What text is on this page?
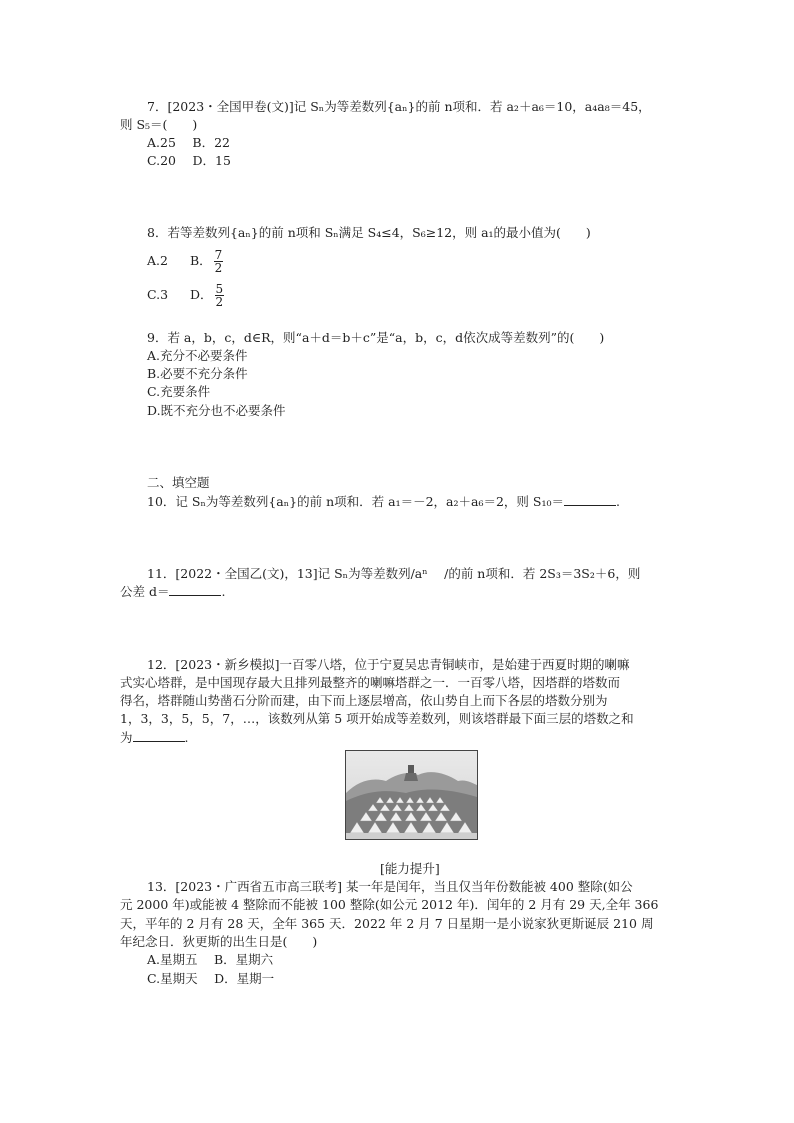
7．[2023・全国甲卷(文)]记 Sₙ为等差数列{aₙ}的前 n项和．若 a₂＋a₆＝10，a₄a₈＝45，
则 S₅＝(　　)
A.25　 B．22
C.20　 D．15
8．若等差数列{aₙ}的前 n项和 Sₙ满足 S₄≤4，S₆≥12，则 a₁的最小值为(　　)
A.2 B． $\frac{7}{2}$
C.3 D． $\frac{5}{2}$
9．若 a，b，c，d∈R，则“a＋d＝b＋c”是“a，b，c，d依次成等差数列”的(　　)
A.充分不必要条件
B.必要不充分条件
C.充要条件
D.既不充分也不必要条件
二、填空题
10．记 Sₙ为等差数列{aₙ}的前 n项和．若 a₁＝－2，a₂＋a₆＝2，则 S₁₀＝	.
11．[2022・全国乙(文)，13]记 Sₙ为等差数列/aⁿ　 /的前 n项和．若 2S₃＝3S₂＋6，则
公差 d＝	.
12．[2023・新乡模拟]一百零八塔，位于宁夏吴忠青铜峡市，是始建于西夏时期的喇嘛
式实心塔群，是中国现存最大且排列最整齐的喇嘛塔群之一．一百零八塔，因塔群的塔数而
得名，塔群随山势凿石分阶而建，由下而上逐层增高，依山势自上而下各层的塔数分别为
1，3，3，5，5，7，…，该数列从第 5 项开始成等差数列，则该塔群最下面三层的塔数之和
为	.
[能力提升]
13．[2023・广西省五市高三联考] 某一年是闰年，当且仅当年份数能被 400 整除(如公
元 2000 年)或能被 4 整除而不能被 100 整除(如公元 2012 年)．闰年的 2 月有 29 天,全年 366
天，平年的 2 月有 28 天，全年 365 天．2022 年 2 月 7 日星期一是小说家狄更斯诞辰 210 周
年纪念日．狄更斯的出生日是(　　)
A.星期五　 B．星期六
C.星期天　 D．星期一
